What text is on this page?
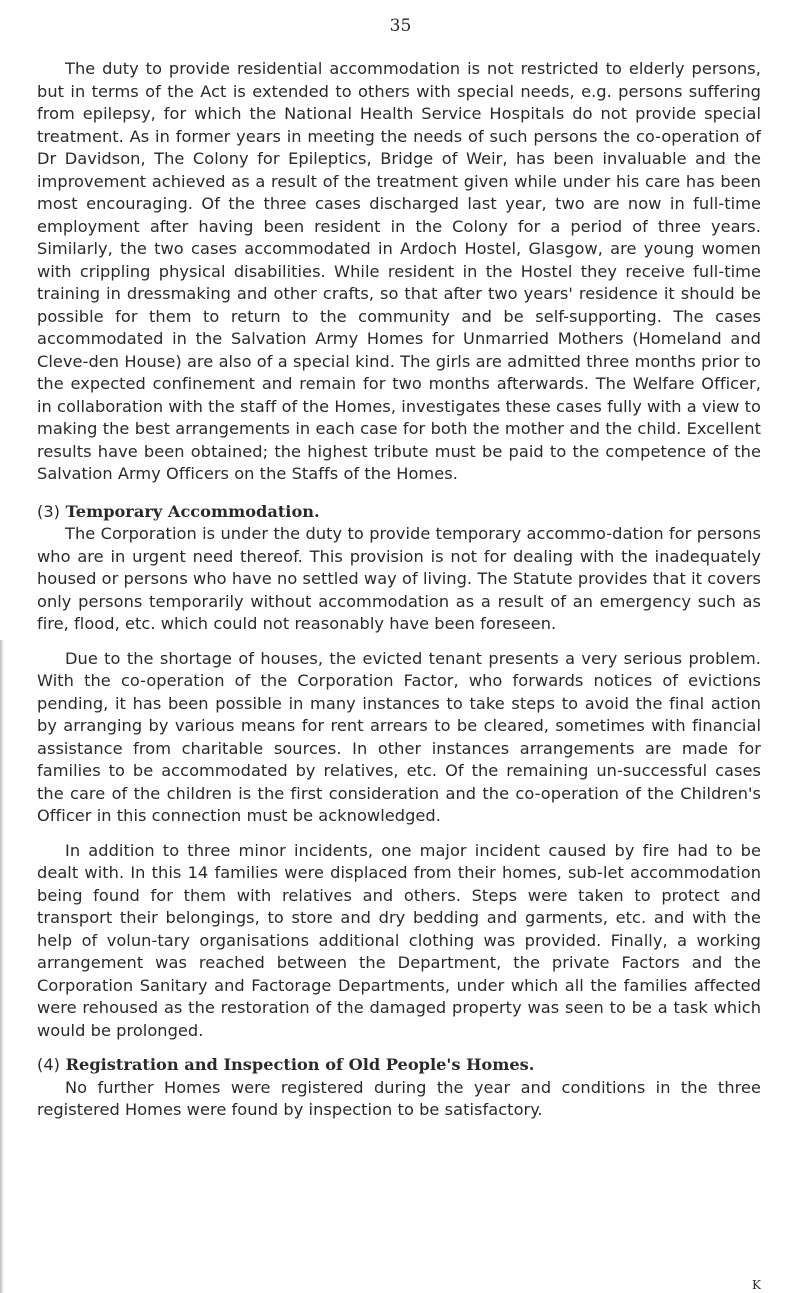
35

The duty to provide residential accommodation is not restricted to elderly persons, but in terms of the Act is extended to others with special needs, e.g. persons suffering from epilepsy, for which the National Health Service Hospitals do not provide special treatment. As in former years in meeting the needs of such persons the co-operation of Dr Davidson, The Colony for Epileptics, Bridge of Weir, has been invaluable and the improvement achieved as a result of the treatment given while under his care has been most encouraging. Of the three cases discharged last year, two are now in full-time employment after having been resident in the Colony for a period of three years. Similarly, the two cases accommodated in Ardoch Hostel, Glasgow, are young women with crippling physical disabilities. While resident in the Hostel they receive full-time training in dressmaking and other crafts, so that after two years' residence it should be possible for them to return to the community and be self-supporting. The cases accommodated in the Salvation Army Homes for Unmarried Mothers (Homeland and Cleve-den House) are also of a special kind. The girls are admitted three months prior to the expected confinement and remain for two months afterwards. The Welfare Officer, in collaboration with the staff of the Homes, investigates these cases fully with a view to making the best arrangements in each case for both the mother and the child. Excellent results have been obtained; the highest tribute must be paid to the competence of the Salvation Army Officers on the Staffs of the Homes.

(3) Temporary Accommodation.

The Corporation is under the duty to provide temporary accommo-dation for persons who are in urgent need thereof. This provision is not for dealing with the inadequately housed or persons who have no settled way of living. The Statute provides that it covers only persons temporarily without accommodation as a result of an emergency such as fire, flood, etc. which could not reasonably have been foreseen.

Due to the shortage of houses, the evicted tenant presents a very serious problem. With the co-operation of the Corporation Factor, who forwards notices of evictions pending, it has been possible in many instances to take steps to avoid the final action by arranging by various means for rent arrears to be cleared, sometimes with financial assistance from charitable sources. In other instances arrangements are made for families to be accommodated by relatives, etc. Of the remaining un-successful cases the care of the children is the first consideration and the co-operation of the Children's Officer in this connection must be acknowledged.

In addition to three minor incidents, one major incident caused by fire had to be dealt with. In this 14 families were displaced from their homes, sub-let accommodation being found for them with relatives and others. Steps were taken to protect and transport their belongings, to store and dry bedding and garments, etc. and with the help of volun-tary organisations additional clothing was provided. Finally, a working arrangement was reached between the Department, the private Factors and the Corporation Sanitary and Factorage Departments, under which all the families affected were rehoused as the restoration of the damaged property was seen to be a task which would be prolonged.

(4) Registration and Inspection of Old People's Homes.

No further Homes were registered during the year and conditions in the three registered Homes were found by inspection to be satisfactory.

K
